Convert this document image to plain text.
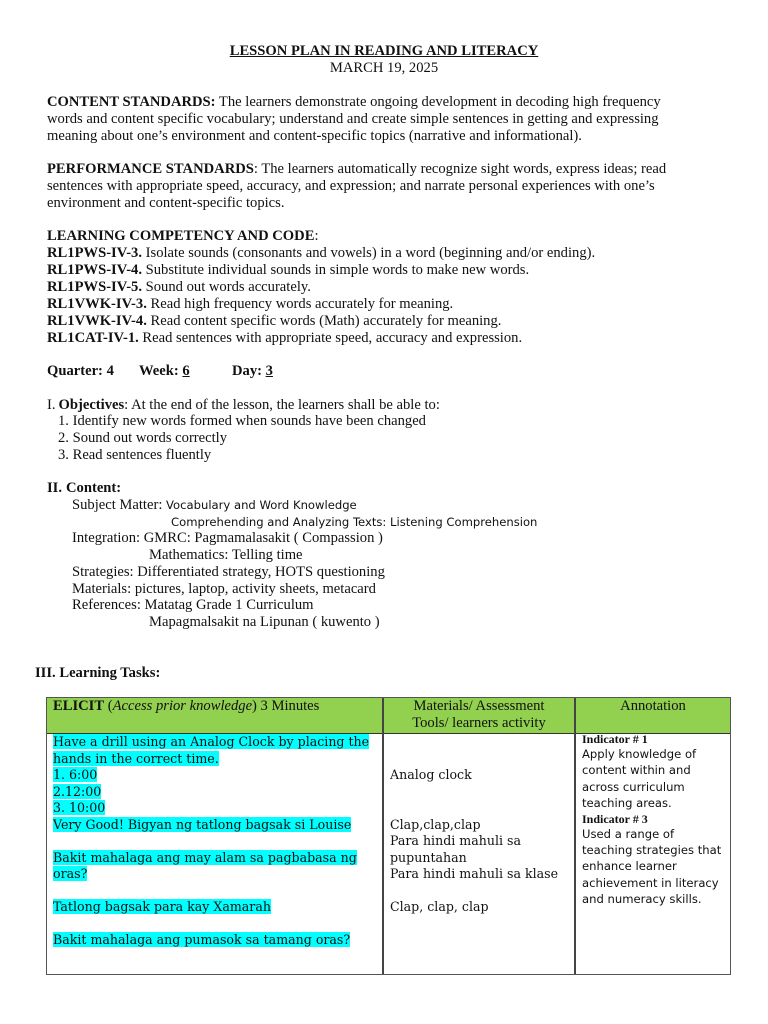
LESSON PLAN IN READING AND LITERACY
MARCH 19, 2025
CONTENT STANDARDS: The learners demonstrate ongoing development in decoding high frequency
words and content specific vocabulary; understand and create simple sentences in getting and expressing
meaning about one’s environment and content-specific topics (narrative and informational).
PERFORMANCE STANDARDS: The learners automatically recognize sight words, express ideas; read
sentences with appropriate speed, accuracy, and expression; and narrate personal experiences with one’s
environment and content-specific topics.
LEARNING COMPETENCY AND CODE:
RL1PWS-IV-3. Isolate sounds (consonants and vowels) in a word (beginning and/or ending).
RL1PWS-IV-4. Substitute individual sounds in simple words to make new words.
RL1PWS-IV-5. Sound out words accurately.
RL1VWK-IV-3. Read high frequency words accurately for meaning.
RL1VWK-IV-4. Read content specific words (Math) accurately for meaning.
RL1CAT-IV-1. Read sentences with appropriate speed, accuracy and expression.
Quarter: 4 Week: 6	Day: 3
I. Objectives: At the end of the lesson, the learners shall be able to:
1. Identify new words formed when sounds have been changed
2. Sound out words correctly
3. Read sentences fluently
II. Content:
Subject Matter: Vocabulary and Word Knowledge
Comprehending and Analyzing Texts: Listening Comprehension
Integration: GMRC: Pagmamalasakit ( Compassion )
Mathematics: Telling time
Strategies: Differentiated strategy, HOTS questioning
Materials: pictures, laptop, activity sheets, metacard
References: Matatag Grade 1 Curriculum
Mapagmalsakit na Lipunan ( kuwento )
III. Learning Tasks:
ELICIT (Access prior knowledge) 3 Minutes	Materials/ Assessment
Tools/ learners activity
Annotation
Have a drill using an Analog Clock by placing the
hands in the correct time.
1. 6:00
2.12:00
3. 10:00
Very Good! Bigyan ng tatlong bagsak si Louise
Bakit mahalaga ang may alam sa pagbabasa ng
oras?
Tatlong bagsak para kay Xamarah
Bakit mahalaga ang pumasok sa tamang oras?
Analog clock
Clap,clap,clap
Para hindi mahuli sa
pupuntahan
Para hindi mahuli sa klase
Clap, clap, clap
Indicator # 1
Apply knowledge of
content within and
across curriculum
teaching areas.
Indicator # 3
Used a range of
teaching strategies that
enhance learner
achievement in literacy
and numeracy skills.
